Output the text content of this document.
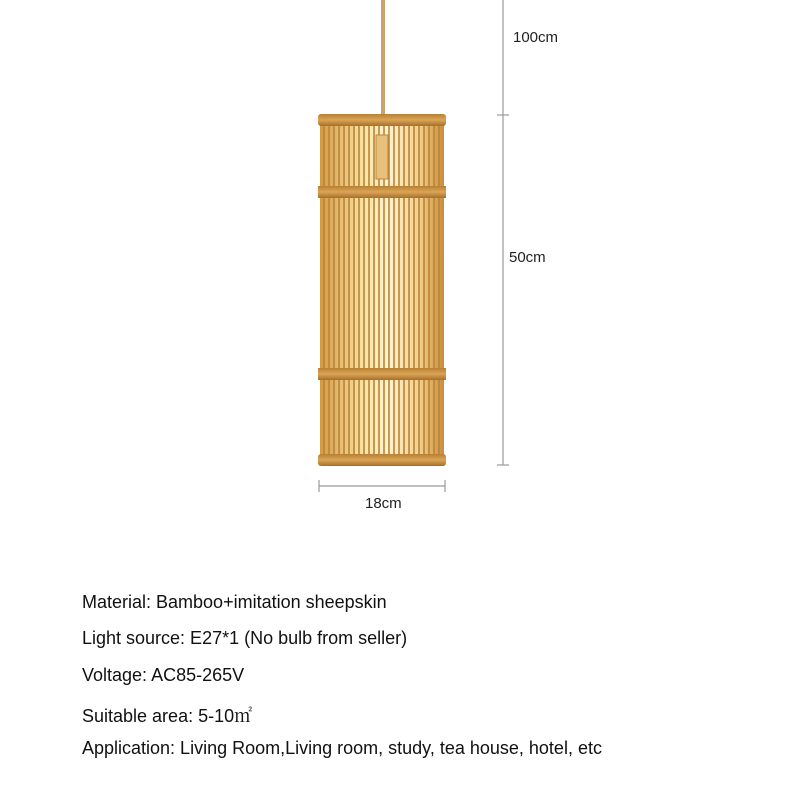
100cm
50cm
18cm
Material: Bamboo+imitation sheepskin
Light source: E27*1 (No bulb from seller)
Voltage: AC85-265V
Suitable area: 5-10㎡
Application: Living Room,Living room, study, tea house, hotel, etc
